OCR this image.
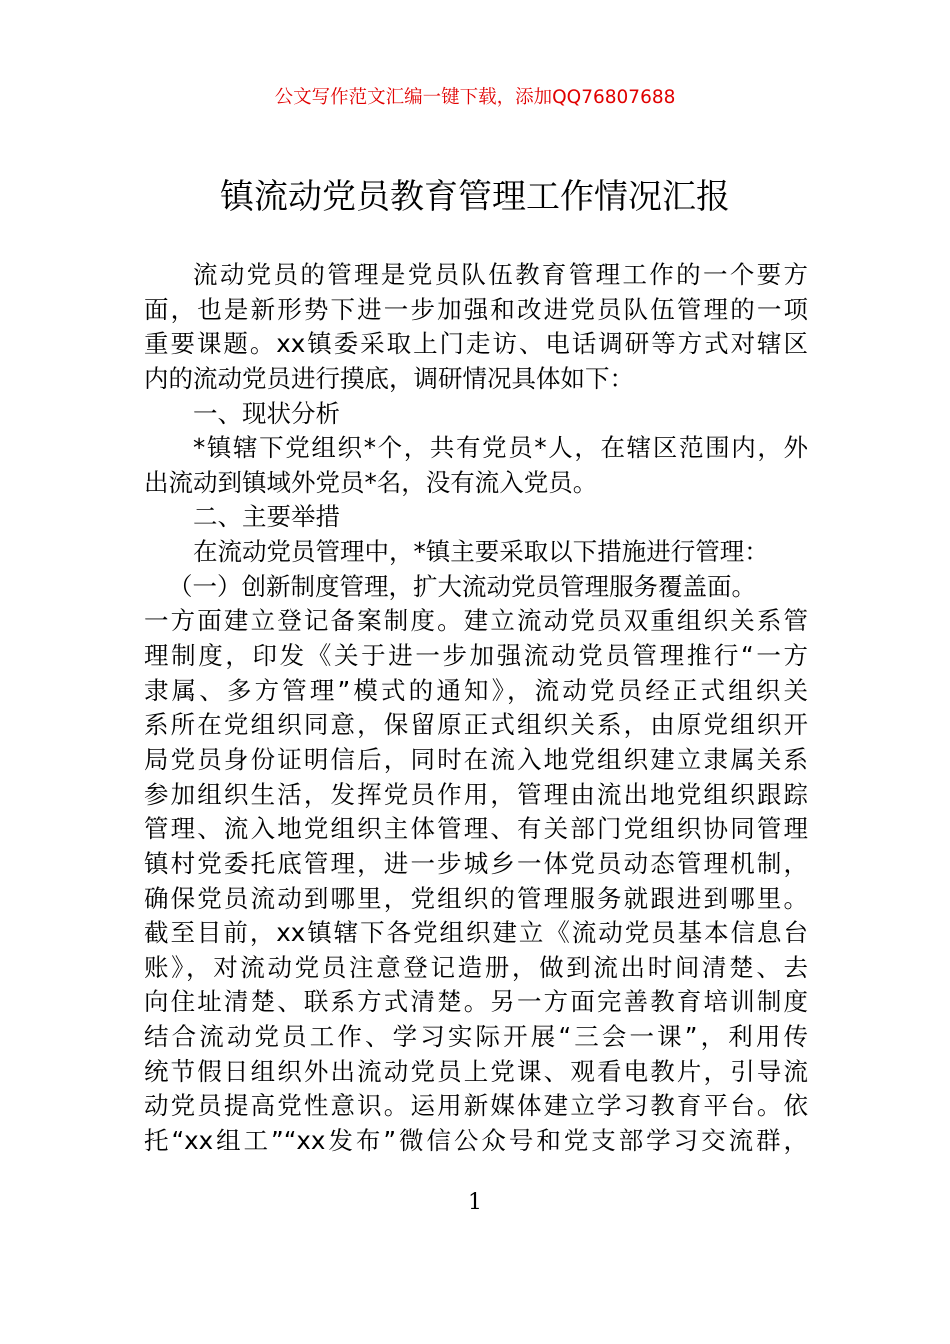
公文写作范文汇编一键下载，添加QQ76807688
镇流动党员教育管理工作情况汇报
流动党员的管理是党员队伍教育管理工作的一个要方
面，也是新形势下进一步加强和改进党员队伍管理的一项
重要课题。xx镇委采取上门走访、电话调研等方式对辖区
内的流动党员进行摸底，调研情况具体如下：
一、现状分析
*镇辖下党组织*个，共有党员*人，在辖区范围内，外
出流动到镇域外党员*名，没有流入党员。
二、主要举措
在流动党员管理中，*镇主要采取以下措施进行管理：
（一）创新制度管理，扩大流动党员管理服务覆盖面。
一方面建立登记备案制度。建立流动党员双重组织关系管
理制度，印发《关于进一步加强流动党员管理推行“一方
隶属、多方管理”模式的通知》，流动党员经正式组织关
系所在党组织同意，保留原正式组织关系，由原党组织开
局党员身份证明信后，同时在流入地党组织建立隶属关系
参加组织生活，发挥党员作用，管理由流出地党组织跟踪
管理、流入地党组织主体管理、有关部门党组织协同管理
镇村党委托底管理，进一步城乡一体党员动态管理机制，
确保党员流动到哪里，党组织的管理服务就跟进到哪里。
截至目前，xx镇辖下各党组织建立《流动党员基本信息台
账》，对流动党员注意登记造册，做到流出时间清楚、去
向住址清楚、联系方式清楚。另一方面完善教育培训制度
结合流动党员工作、学习实际开展“三会一课”，利用传
统节假日组织外出流动党员上党课、观看电教片，引导流
动党员提高党性意识。运用新媒体建立学习教育平台。依
托“xx组工”“xx发布”微信公众号和党支部学习交流群，
1
